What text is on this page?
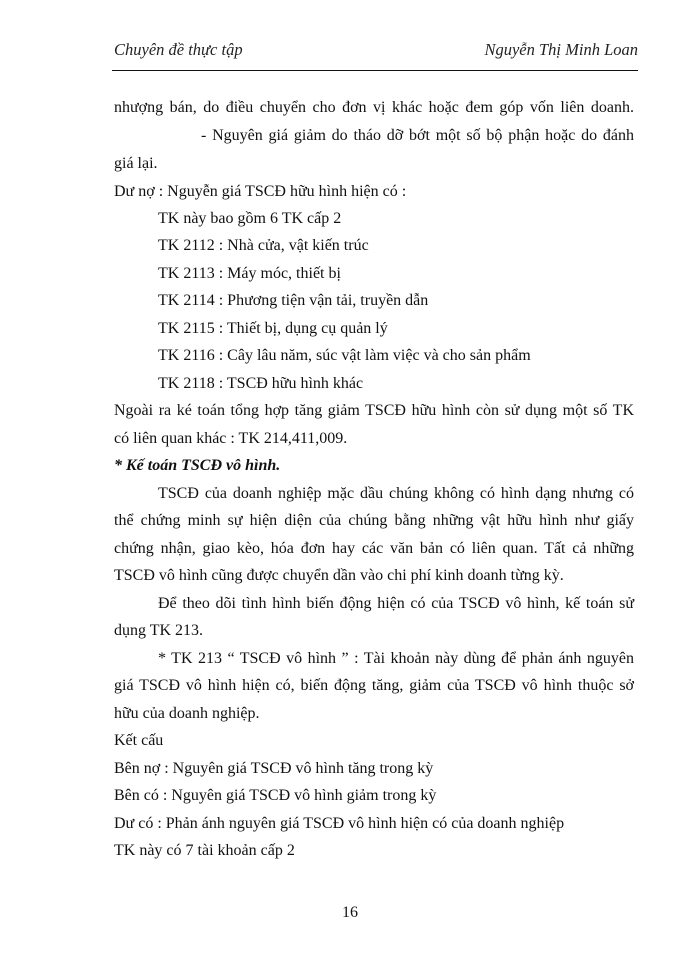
Chuyên đề thực tập	Nguyễn Thị Minh Loan
nhượng bán, do điều chuyển cho đơn vị khác hoặc đem góp vốn liên doanh.
- Nguyên giá giảm do tháo dỡ bớt một số bộ phận hoặc do đánh
giá lại.
Dư nợ : Nguyễn giá TSCĐ hữu hình hiện có :
TK này bao gồm 6 TK cấp 2
TK 2112 : Nhà cửa, vật kiến trúc
TK 2113 : Máy móc, thiết bị
TK 2114 : Phương tiện vận tải, truyền dẫn
TK 2115 : Thiết bị, dụng cụ quản lý
TK 2116 : Cây lâu năm, súc vật làm việc và cho sản phẩm
TK 2118 : TSCĐ hữu hình khác
Ngoài ra ké toán tổng hợp tăng giảm TSCĐ hữu hình còn sử dụng một số TK
có liên quan khác : TK 214,411,009.
* Kế toán TSCĐ vô hình.
TSCĐ của doanh nghiệp mặc dầu chúng không có hình dạng nhưng có
thể chứng minh sự hiện diện của chúng bằng những vật hữu hình như giấy
chứng nhận, giao kèo, hóa đơn hay các văn bản có liên quan. Tất cả những
TSCĐ vô hình cũng được chuyển dần vào chi phí kinh doanh từng kỳ.
Để theo dõi tình hình biến động hiện có của TSCĐ vô hình, kế toán sử
dụng TK 213.
* TK 213 “ TSCĐ vô hình ” : Tài khoản này dùng để phản ánh nguyên
giá TSCĐ vô hình hiện có, biến động tăng, giảm của TSCĐ vô hình thuộc sở
hữu của doanh nghiệp.
Kết cấu
Bên nợ : Nguyên giá TSCĐ vô hình tăng trong kỳ
Bên có : Nguyên giá TSCĐ vô hình giảm trong kỳ
Dư có : Phản ánh nguyên giá TSCĐ vô hình hiện có của doanh nghiệp
TK này có 7 tài khoản cấp 2
16
